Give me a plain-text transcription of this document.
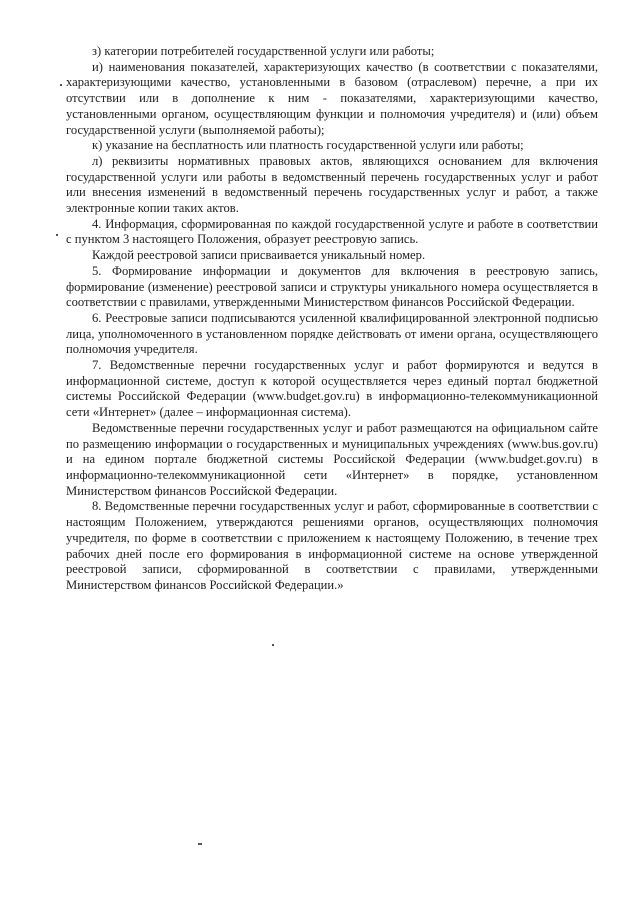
з) категории потребителей государственной услуги или работы;

и) наименования показателей, характеризующих качество (в соответствии с показателями, характеризующими качество, установленными в базовом (отраслевом) перечне, а при их отсутствии или в дополнение к ним - показателями, характеризующими качество, установленными органом, осуществляющим функции и полномочия учредителя) и (или) объем государственной услуги (выполняемой работы);

к) указание на бесплатность или платность государственной услуги или работы;

л) реквизиты нормативных правовых актов, являющихся основанием для включения государственной услуги или работы в ведомственный перечень государственных услуг и работ или внесения изменений в ведомственный перечень государственных услуг и работ, а также электронные копии таких актов.

4. Информация, сформированная по каждой государственной услуге и работе в соответствии с пунктом 3 настоящего Положения, образует реестровую запись.

Каждой реестровой записи присваивается уникальный номер.

5. Формирование информации и документов для включения в реестровую запись, формирование (изменение) реестровой записи и структуры уникального номера осуществляется в соответствии с правилами, утвержденными Министерством финансов Российской Федерации.

6. Реестровые записи подписываются усиленной квалифицированной электронной подписью лица, уполномоченного в установленном порядке действовать от имени органа, осуществляющего полномочия учредителя.

7. Ведомственные перечни государственных услуг и работ формируются и ведутся в информационной системе, доступ к которой осуществляется через единый портал бюджетной системы Российской Федерации (www.budget.gov.ru) в информационно-телекоммуникационной сети «Интернет» (далее – информационная система).

Ведомственные перечни государственных услуг и работ размещаются на официальном сайте по размещению информации о государственных и муниципальных учреждениях (www.bus.gov.ru) и на едином портале бюджетной системы Российской Федерации (www.budget.gov.ru) в информационно-телекоммуникационной сети «Интернет» в порядке, установленном Министерством финансов Российской Федерации.

8. Ведомственные перечни государственных услуг и работ, сформированные в соответствии с настоящим Положением, утверждаются решениями органов, осуществляющих полномочия учредителя, по форме в соответствии с приложением к настоящему Положению, в течение трех рабочих дней после его формирования в информационной системе на основе утвержденной реестровой записи, сформированной в соответствии с правилами, утвержденными Министерством финансов Российской Федерации.»
